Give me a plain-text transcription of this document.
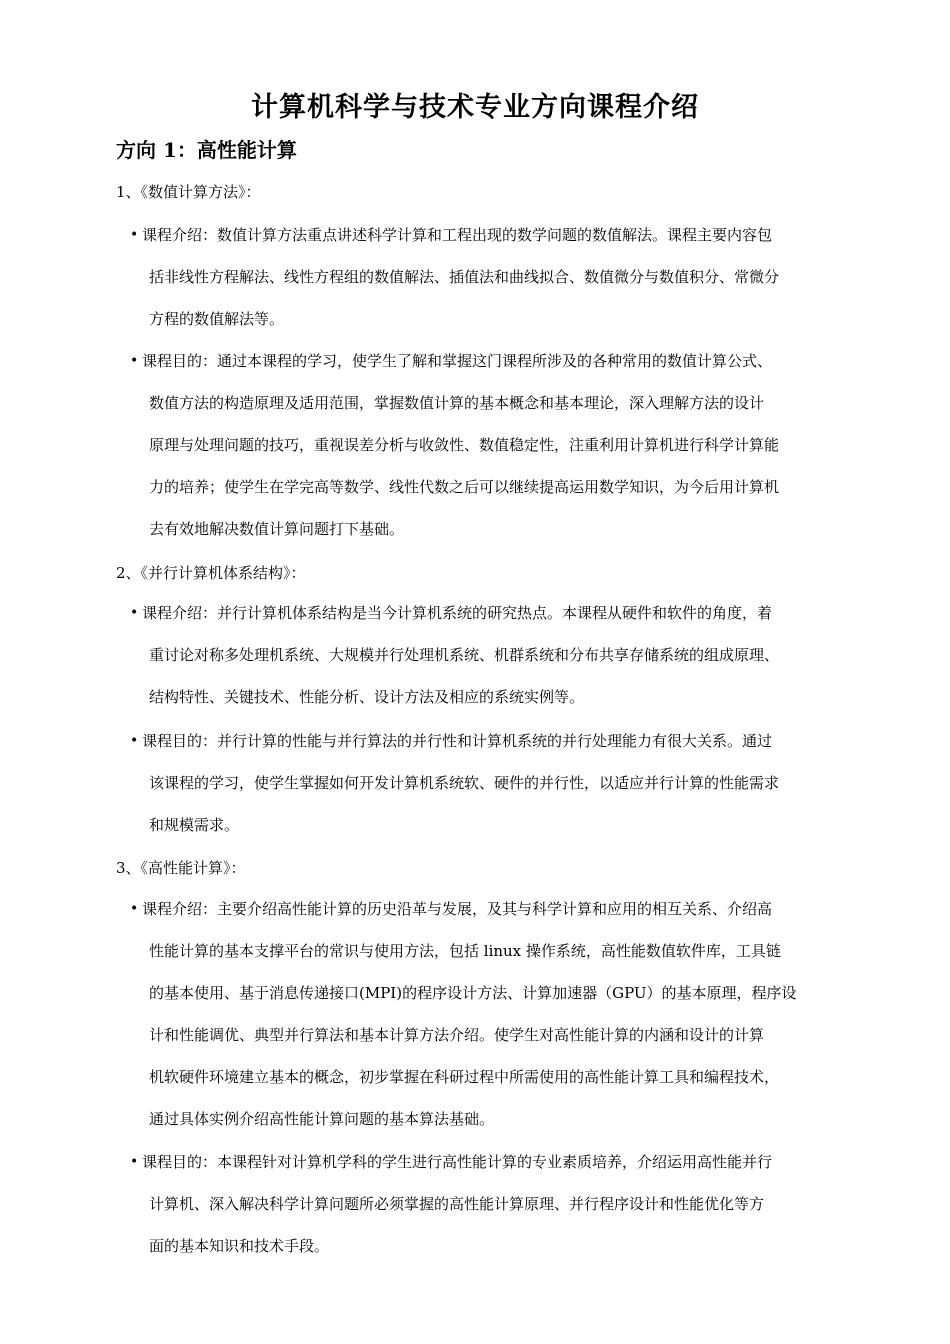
计算机科学与技术专业方向课程介绍
方向 1：高性能计算

1、《数值计算方法》：

• 课程介绍：数值计算方法重点讲述科学计算和工程出现的数学问题的数值解法。课程主要内容包
括非线性方程解法、线性方程组的数值解法、插值法和曲线拟合、数值微分与数值积分、常微分
方程的数值解法等。
• 课程目的：通过本课程的学习，使学生了解和掌握这门课程所涉及的各种常用的数值计算公式、
数值方法的构造原理及适用范围，掌握数值计算的基本概念和基本理论，深入理解方法的设计
原理与处理问题的技巧，重视误差分析与收敛性、数值稳定性，注重利用计算机进行科学计算能
力的培养；使学生在学完高等数学、线性代数之后可以继续提高运用数学知识，为今后用计算机
去有效地解决数值计算问题打下基础。

2、《并行计算机体系结构》：

• 课程介绍：并行计算机体系结构是当今计算机系统的研究热点。本课程从硬件和软件的角度，着
重讨论对称多处理机系统、大规模并行处理机系统、机群系统和分布共享存储系统的组成原理、
结构特性、关键技术、性能分析、设计方法及相应的系统实例等。
• 课程目的：并行计算的性能与并行算法的并行性和计算机系统的并行处理能力有很大关系。通过
该课程的学习，使学生掌握如何开发计算机系统软、硬件的并行性，以适应并行计算的性能需求
和规模需求。

3、《高性能计算》：

• 课程介绍：主要介绍高性能计算的历史沿革与发展，及其与科学计算和应用的相互关系、介绍高
性能计算的基本支撑平台的常识与使用方法，包括 linux 操作系统，高性能数值软件库，工具链
的基本使用、基于消息传递接口(MPI)的程序设计方法、计算加速器（GPU）的基本原理，程序设
计和性能调优、典型并行算法和基本计算方法介绍。使学生对高性能计算的内涵和设计的计算
机软硬件环境建立基本的概念，初步掌握在科研过程中所需使用的高性能计算工具和编程技术，
通过具体实例介绍高性能计算问题的基本算法基础。
• 课程目的：本课程针对计算机学科的学生进行高性能计算的专业素质培养，介绍运用高性能并行
计算机、深入解决科学计算问题所必须掌握的高性能计算原理、并行程序设计和性能优化等方
面的基本知识和技术手段。
